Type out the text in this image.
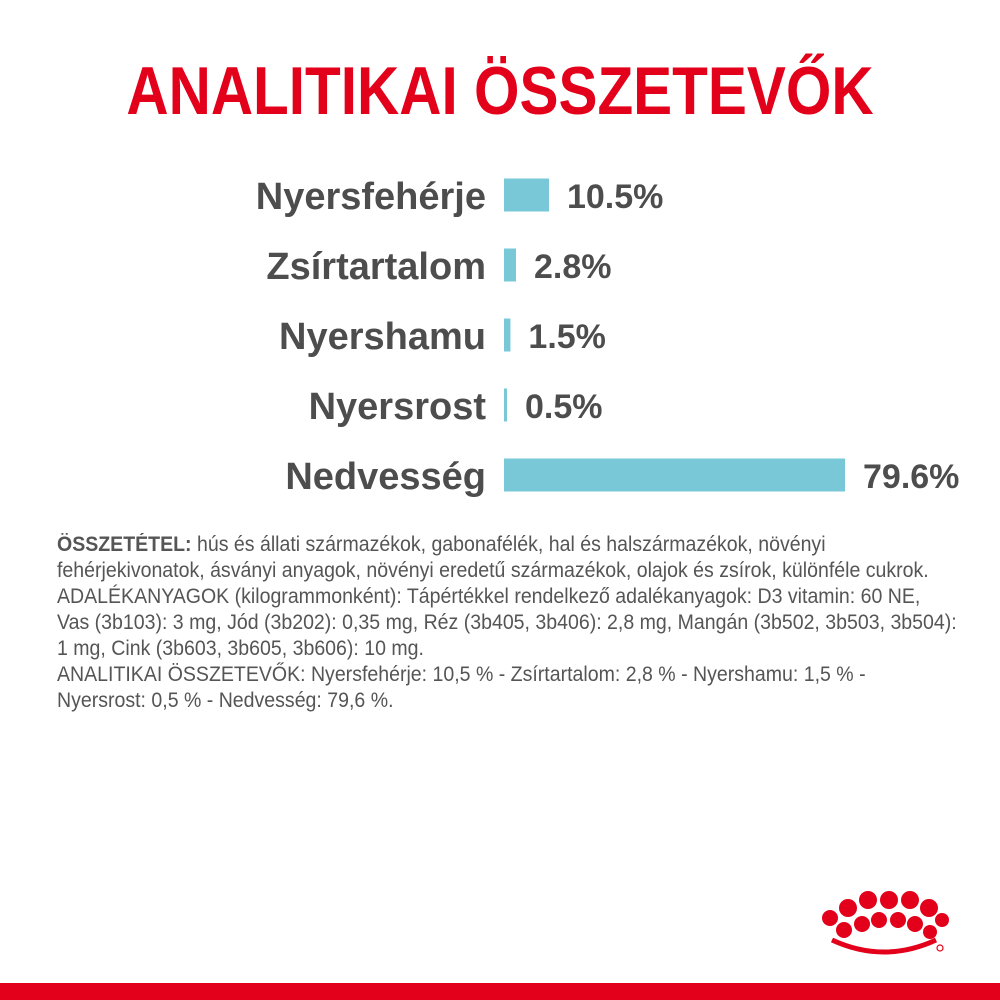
ANALITIKAI ÖSSZETEVŐK
Nyersfehérje 10.5%
Zsírtartalom 2.8%
Nyershamu 1.5%
Nyersrost 0.5%
Nedvesség	79.6%

ÖSSZETÉTEL: hús és állati származékok, gabonafélék, hal és halszármazékok, növényi fehérjekivonatok, ásványi anyagok, növényi eredetű származékok, olajok és zsírok, különféle cukrok.

ADALÉKANYAGOK (kilogrammonként): Tápértékkel rendelkező adalékanyagok: D3 vitamin: 60 NE, Vas (3b103): 3 mg, Jód (3b202): 0,35 mg, Réz (3b405, 3b406): 2,8 mg, Mangán (3b502, 3b503, 3b504): 1 mg, Cink (3b603, 3b605, 3b606): 10 mg.

ANALITIKAI ÖSSZETEVŐK: Nyersfehérje: 10,5 % - Zsírtartalom: 2,8 % - Nyershamu: 1,5 % - Nyersrost: 0,5 % - Nedvesség: 79,6 %.
